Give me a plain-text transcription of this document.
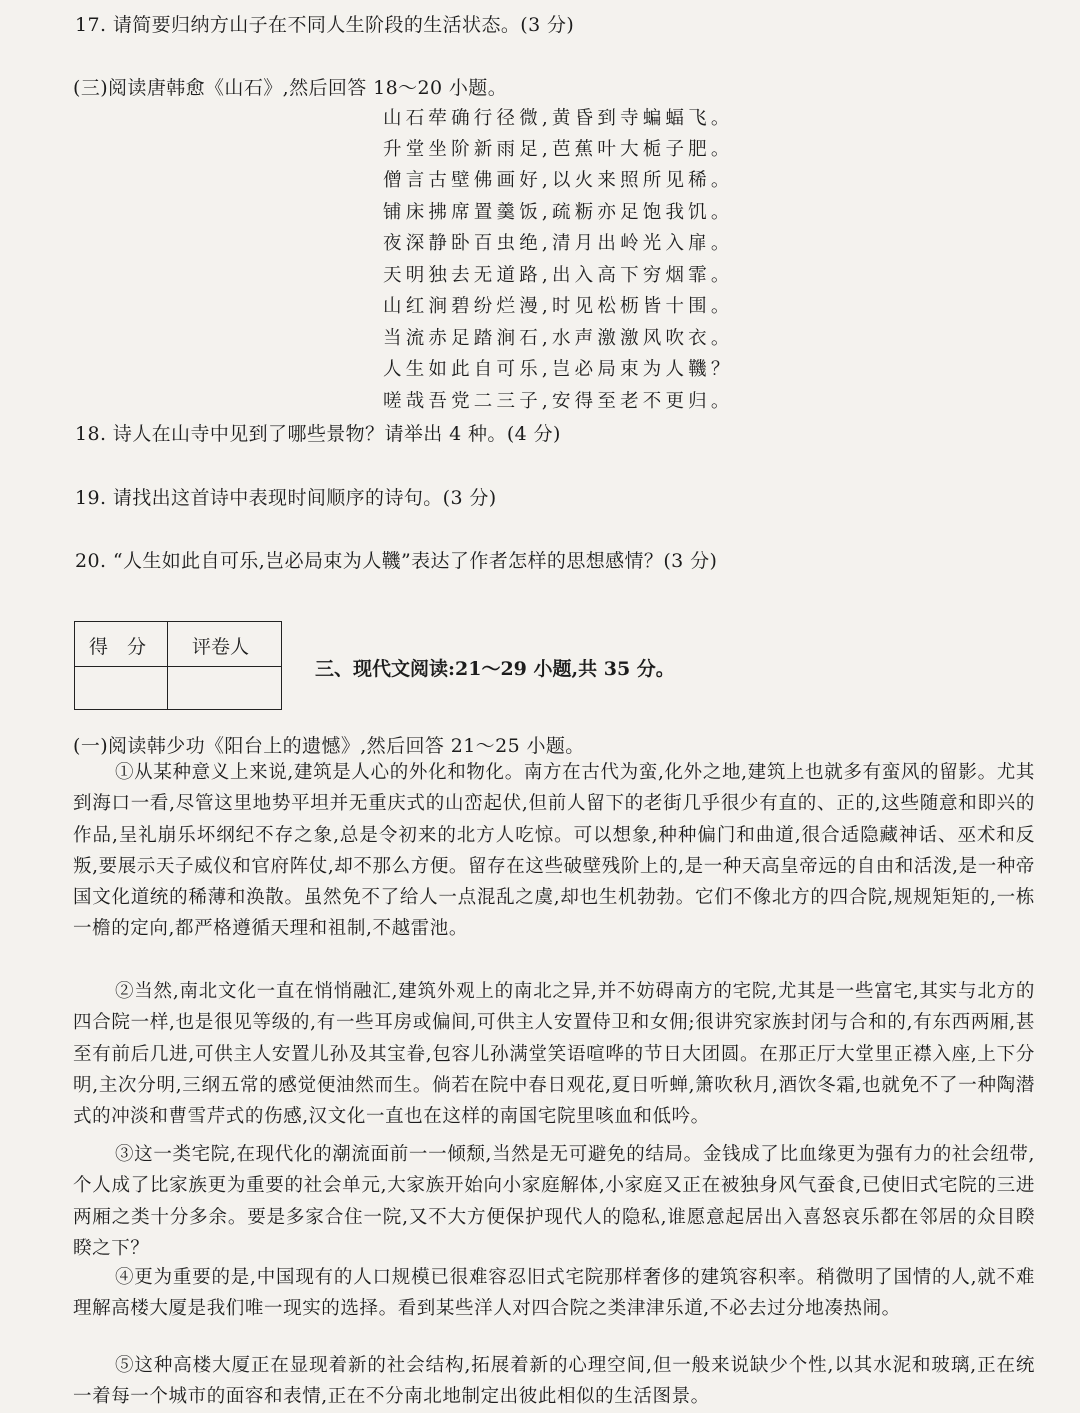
17. 请简要归纳方山子在不同人生阶段的生活状态。(3 分)
(三)阅读唐韩愈《山石》,然后回答 18～20 小题。
山石荦确行径微,黄昏到寺蝙蝠飞。
升堂坐阶新雨足,芭蕉叶大栀子肥。
僧言古壁佛画好,以火来照所见稀。
铺床拂席置羹饭,疏粝亦足饱我饥。
夜深静卧百虫绝,清月出岭光入扉。
天明独去无道路,出入高下穷烟霏。
山红涧碧纷烂漫,时见松枥皆十围。
当流赤足踏涧石,水声激激风吹衣。
人生如此自可乐,岂必局束为人鞿？
嗟哉吾党二三子,安得至老不更归。
18. 诗人在山寺中见到了哪些景物？请举出 4 种。(4 分)
19. 请找出这首诗中表现时间顺序的诗句。(3 分)
20. “人生如此自可乐,岂必局束为人鞿”表达了作者怎样的思想感情？(3 分)
得　分 评卷人
三、现代文阅读:21～29 小题,共 35 分。
(一)阅读韩少功《阳台上的遗憾》,然后回答 21～25 小题。
①从某种意义上来说,建筑是人心的外化和物化。南方在古代为蛮,化外之地,建筑上也就多有蛮风的留影。尤其到海口一看,尽管这里地势平坦并无重庆式的山峦起伏,但前人留下的老街几乎很少有直的、正的,这些随意和即兴的作品,呈礼崩乐坏纲纪不存之象,总是令初来的北方人吃惊。可以想象,种种偏门和曲道,很合适隐藏神话、巫术和反叛,要展示天子威仪和官府阵仗,却不那么方便。留存在这些破壁残阶上的,是一种天高皇帝远的自由和活泼,是一种帝国文化道统的稀薄和涣散。虽然免不了给人一点混乱之虞,却也生机勃勃。它们不像北方的四合院,规规矩矩的,一栋一檐的定向,都严格遵循天理和祖制,不越雷池。
②当然,南北文化一直在悄悄融汇,建筑外观上的南北之异,并不妨碍南方的宅院,尤其是一些富宅,其实与北方的四合院一样,也是很见等级的,有一些耳房或偏间,可供主人安置侍卫和女佣;很讲究家族封闭与合和的,有东西两厢,甚至有前后几进,可供主人安置儿孙及其宝眷,包容儿孙满堂笑语喧哗的节日大团圆。在那正厅大堂里正襟入座,上下分明,主次分明,三纲五常的感觉便油然而生。倘若在院中春日观花,夏日听蝉,箫吹秋月,酒饮冬霜,也就免不了一种陶潜式的冲淡和曹雪芹式的伤感,汉文化一直也在这样的南国宅院里咳血和低吟。
③这一类宅院,在现代化的潮流面前一一倾颓,当然是无可避免的结局。金钱成了比血缘更为强有力的社会纽带,个人成了比家族更为重要的社会单元,大家族开始向小家庭解体,小家庭又正在被独身风气蚕食,已使旧式宅院的三进两厢之类十分多余。要是多家合住一院,又不大方便保护现代人的隐私,谁愿意起居出入喜怒哀乐都在邻居的众目睽睽之下？
④更为重要的是,中国现有的人口规模已很难容忍旧式宅院那样奢侈的建筑容积率。稍微明了国情的人,就不难理解高楼大厦是我们唯一现实的选择。看到某些洋人对四合院之类津津乐道,不必去过分地凑热闹。
⑤这种高楼大厦正在显现着新的社会结构,拓展着新的心理空间,但一般来说缺少个性,以其水泥和玻璃,正在统一着每一个城市的面容和表情,正在不分南北地制定出彼此相似的生活图景。
